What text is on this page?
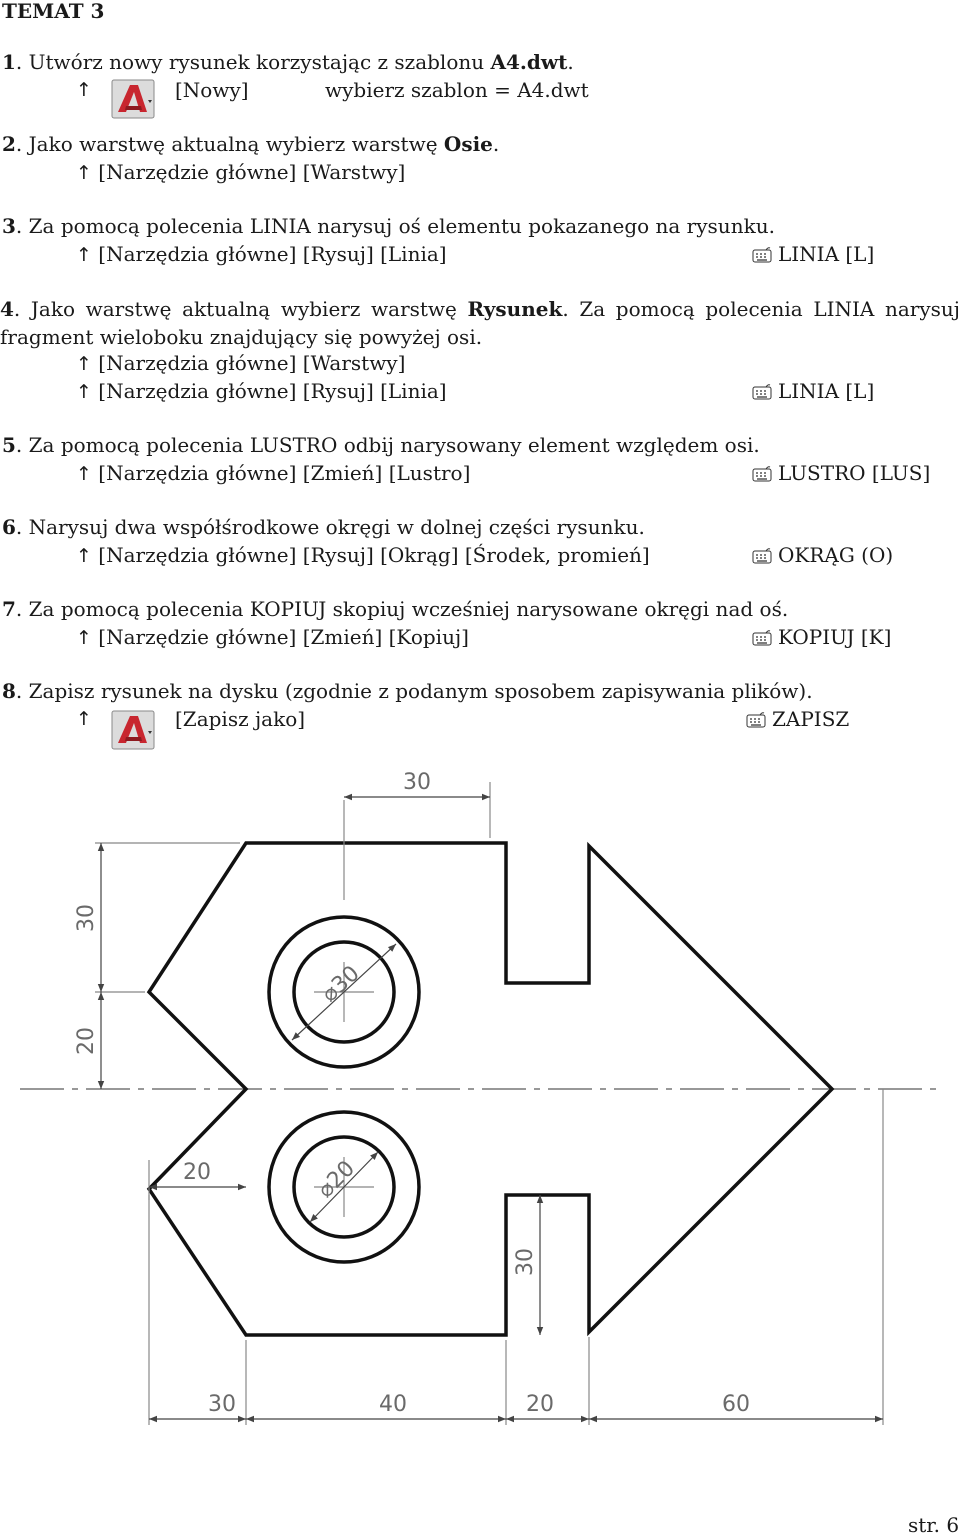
TEMAT 3
1. Utwórz nowy rysunek korzystając z szablonu A4.dwt.
↑	[Nowy]	wybierz szablon = A4.dwt
2. Jako warstwę aktualną wybierz warstwę Osie.
↑ [Narzędzie główne] [Warstwy]
3. Za pomocą polecenia LINIA narysuj oś elementu pokazanego na rysunku.
↑ [Narzędzia główne] [Rysuj] [Linia]	LINIA [L]
4. Jako warstwę aktualną wybierz warstwę Rysunek. Za pomocą polecenia LINIA narysuj
fragment wieloboku znajdujący się powyżej osi.
↑ [Narzędzia główne] [Warstwy]
↑ [Narzędzia główne] [Rysuj] [Linia]	LINIA [L]
5. Za pomocą polecenia LUSTRO odbij narysowany element względem osi.
↑ [Narzędzia główne] [Zmień] [Lustro]	LUSTRO [LUS]
6. Narysuj dwa współśrodkowe okręgi w dolnej części rysunku.
↑ [Narzędzia główne] [Rysuj] [Okrąg] [Środek, promień]	OKRĄG (O)
7. Za pomocą polecenia KOPIUJ skopiuj wcześniej narysowane okręgi nad oś.
↑ [Narzędzie główne] [Zmień] [Kopiuj]	KOPIUJ [K]
8. Zapisz rysunek na dysku (zgodnie z podanym sposobem zapisywania plików).
↑	[Zapisz jako]	ZAPISZ
⌀30
⌀20
30
30
20
20
30
30	40	20	60
str. 6
